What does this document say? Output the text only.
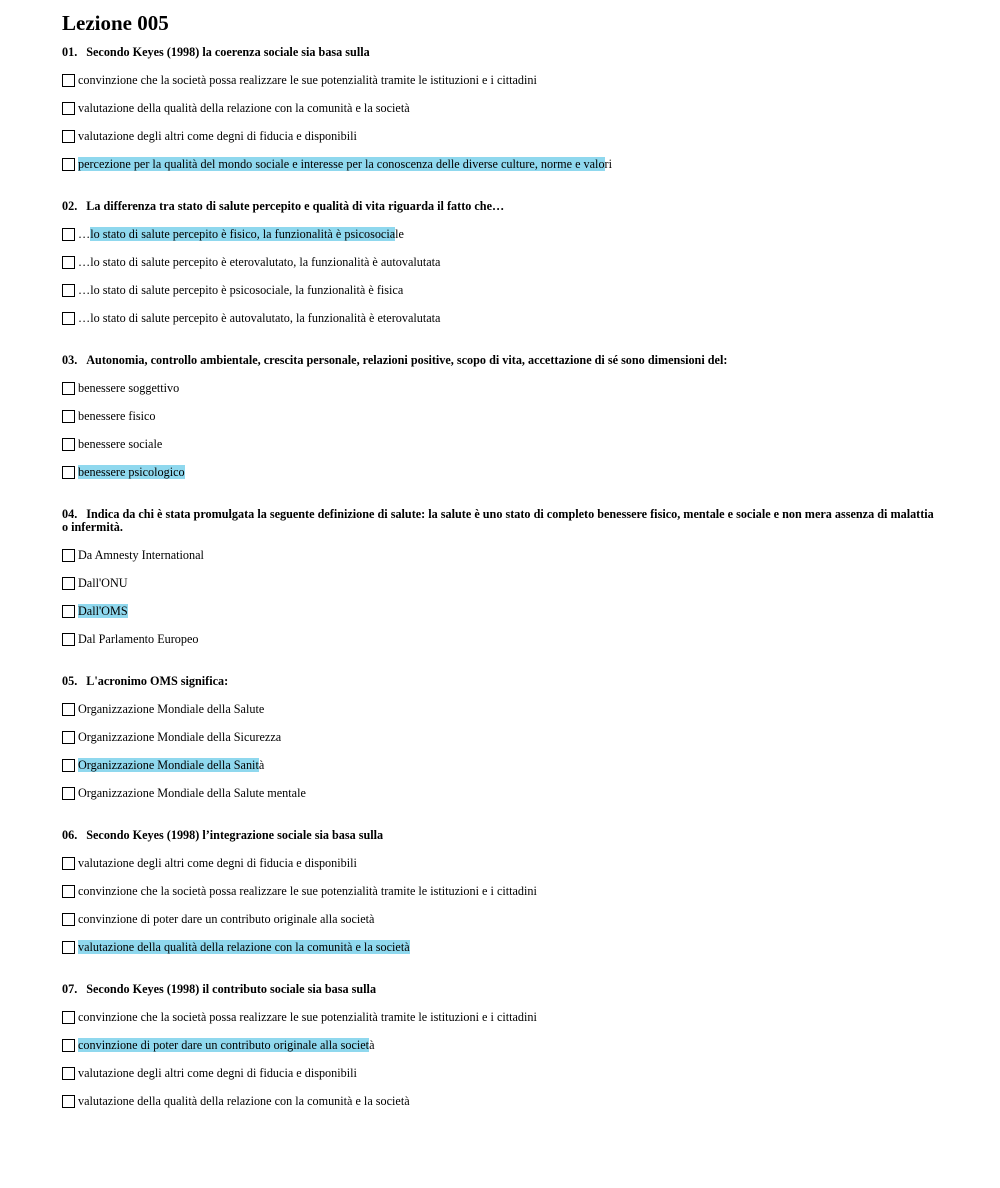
Lezione 005

01. Secondo Keyes (1998) la coerenza sociale sia basa sulla

convinzione che la società possa realizzare le sue potenzialità tramite le istituzioni e i cittadini
valutazione della qualità della relazione con la comunità e la società
valutazione degli altri come degni di fiducia e disponibili
percezione per la qualità del mondo sociale e interesse per la conoscenza delle diverse culture, norme e valori

02. La differenza tra stato di salute percepito e qualità di vita riguarda il fatto che…

…lo stato di salute percepito è fisico, la funzionalità è psicosociale
…lo stato di salute percepito è eterovalutato, la funzionalità è autovalutata
…lo stato di salute percepito è psicosociale, la funzionalità è fisica
…lo stato di salute percepito è autovalutato, la funzionalità è eterovalutata

03. Autonomia, controllo ambientale, crescita personale, relazioni positive, scopo di vita, accettazione di sé sono dimensioni del:

benessere soggettivo
benessere fisico
benessere sociale
benessere psicologico

04. Indica da chi è stata promulgata la seguente definizione di salute: la salute è uno stato di completo benessere fisico, mentale e sociale e non mera assenza di malattia o infermità.

Da Amnesty International
Dall'ONU
Dall'OMS
Dal Parlamento Europeo

05. L'acronimo OMS significa:

Organizzazione Mondiale della Salute
Organizzazione Mondiale della Sicurezza
Organizzazione Mondiale della Sanità
Organizzazione Mondiale della Salute mentale

06. Secondo Keyes (1998) l’integrazione sociale sia basa sulla

valutazione degli altri come degni di fiducia e disponibili
convinzione che la società possa realizzare le sue potenzialità tramite le istituzioni e i cittadini
convinzione di poter dare un contributo originale alla società
valutazione della qualità della relazione con la comunità e la società

07. Secondo Keyes (1998) il contributo sociale sia basa sulla

convinzione che la società possa realizzare le sue potenzialità tramite le istituzioni e i cittadini
convinzione di poter dare un contributo originale alla società
valutazione degli altri come degni di fiducia e disponibili
valutazione della qualità della relazione con la comunità e la società
